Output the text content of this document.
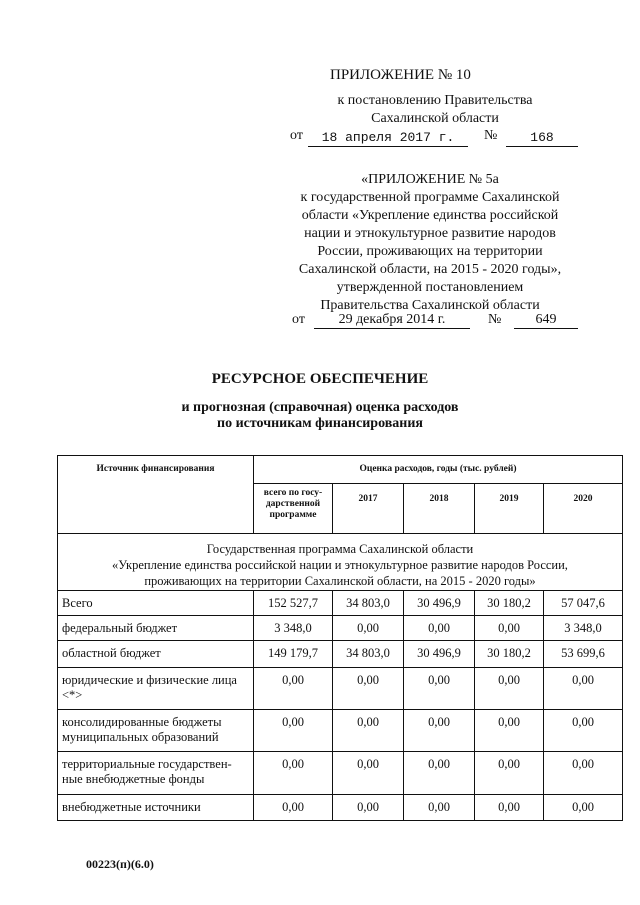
ПРИЛОЖЕНИЕ № 10
к постановлению Правительства
Сахалинской области
от	18 апреля 2017 г.	№	168
«ПРИЛОЖЕНИЕ № 5а
к государственной программе Сахалинской
области «Укрепление единства российской
нации и этнокультурное развитие народов
России, проживающих на территории
Сахалинской области, на 2015 - 2020 годы»,
утвержденной постановлением
Правительства Сахалинской области
от	29 декабря 2014 г.	№	649
РЕСУРСНОЕ ОБЕСПЕЧЕНИЕ
и прогнозная (справочная) оценка расходов
по источникам финансирования
Источник финансирования	Оценка расходов, годы (тыс. рублей)				
	всего по госу-дарственной программе	2017	2018	2019	2020

Государственная программа Сахалинской области
«Укрепление единства российской нации и этнокультурное развитие народов России,
проживающих на территории Сахалинской области, на 2015 - 2020 годы»					

Всего	152 527,7	34 803,0	30 496,9	30 180,2	57 047,6
федеральный бюджет	3 348,0	0,00	0,00	0,00	3 348,0
областной бюджет	149 179,7	34 803,0	30 496,9	30 180,2	53 699,6
юридические и физические лица <*>	0,00	0,00	0,00	0,00	0,00
консолидированные бюджеты муниципальных образований	0,00	0,00	0,00	0,00	0,00
территориальные государствен-ные внебюджетные фонды	0,00	0,00	0,00	0,00	0,00
внебюджетные источники	0,00	0,00	0,00	0,00	0,00
00223(п)(6.0)
